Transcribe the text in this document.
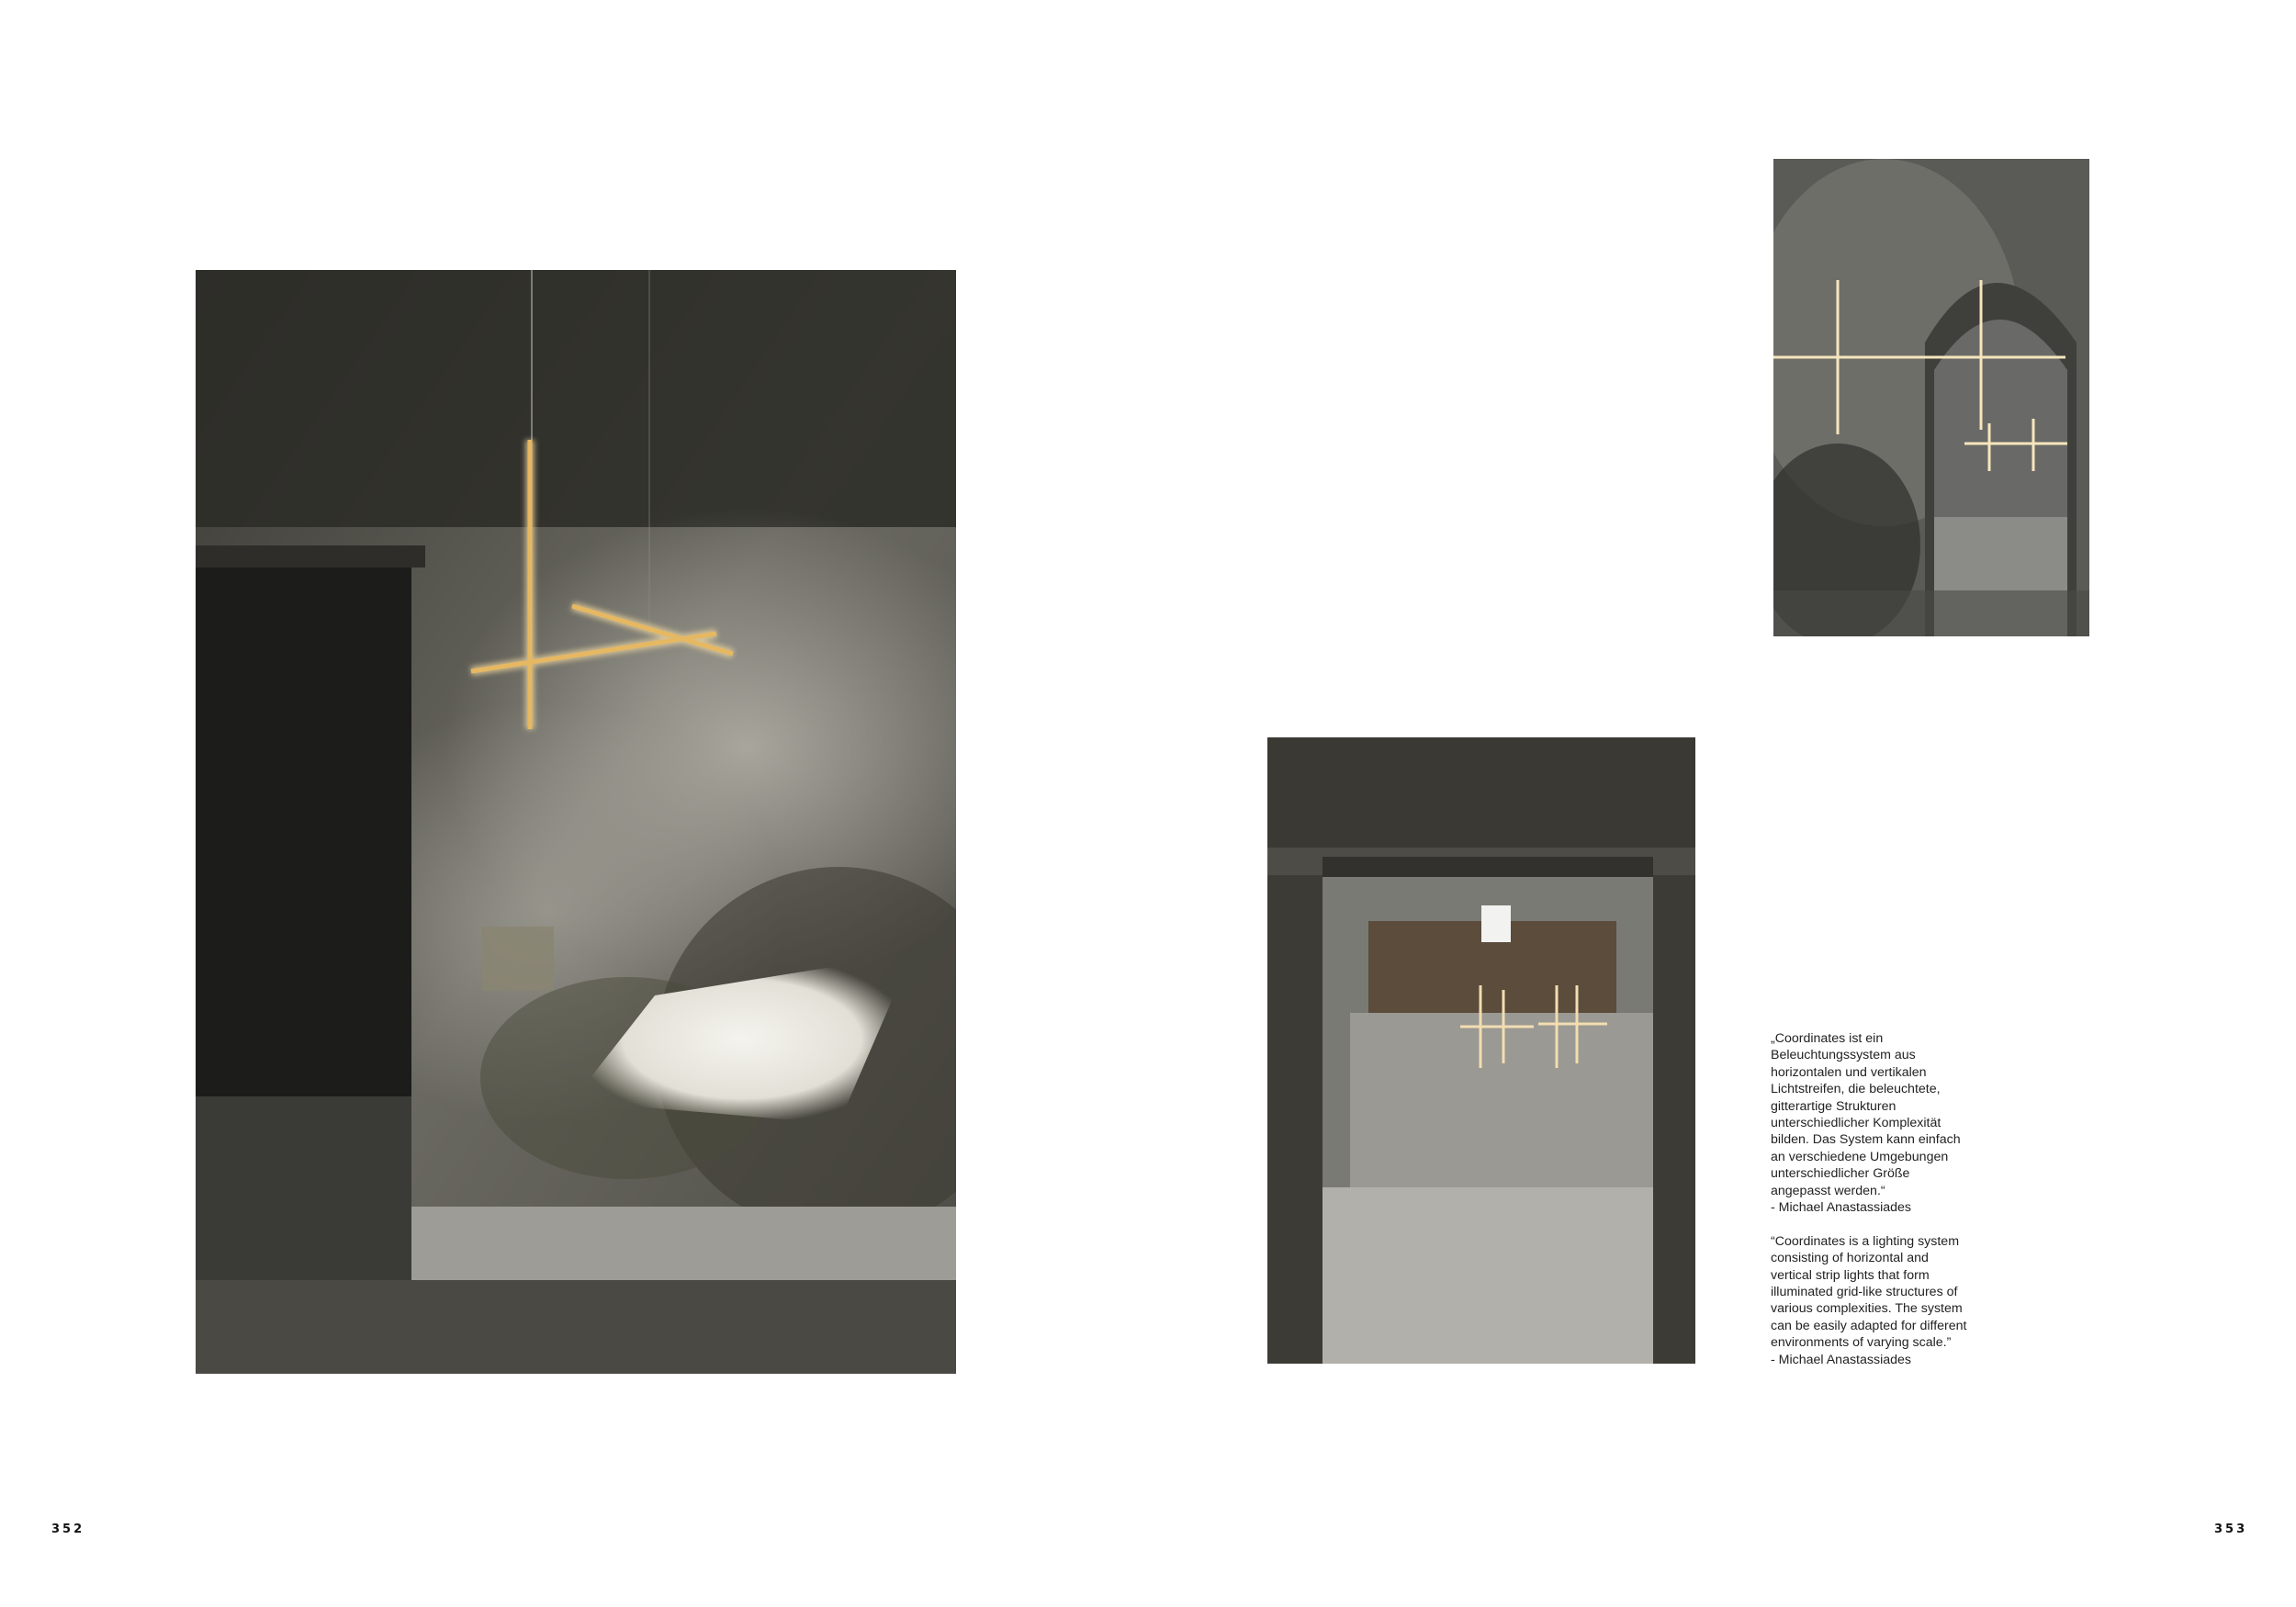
„Coordinates ist ein
Beleuchtungssystem aus
horizontalen und vertikalen
Lichtstreifen, die beleuchtete,
gitterartige Strukturen
unterschiedlicher Komplexität
bilden. Das System kann einfach
an verschiedene Umgebungen
unterschiedlicher Größe
angepasst werden.“

- Michael Anastassiades

“Coordinates is a lighting system
consisting of horizontal and
vertical strip lights that form
illuminated grid-like structures of
various complexities. The system
can be easily adapted for different
environments of varying scale.”

- Michael Anastassiades

352	353
